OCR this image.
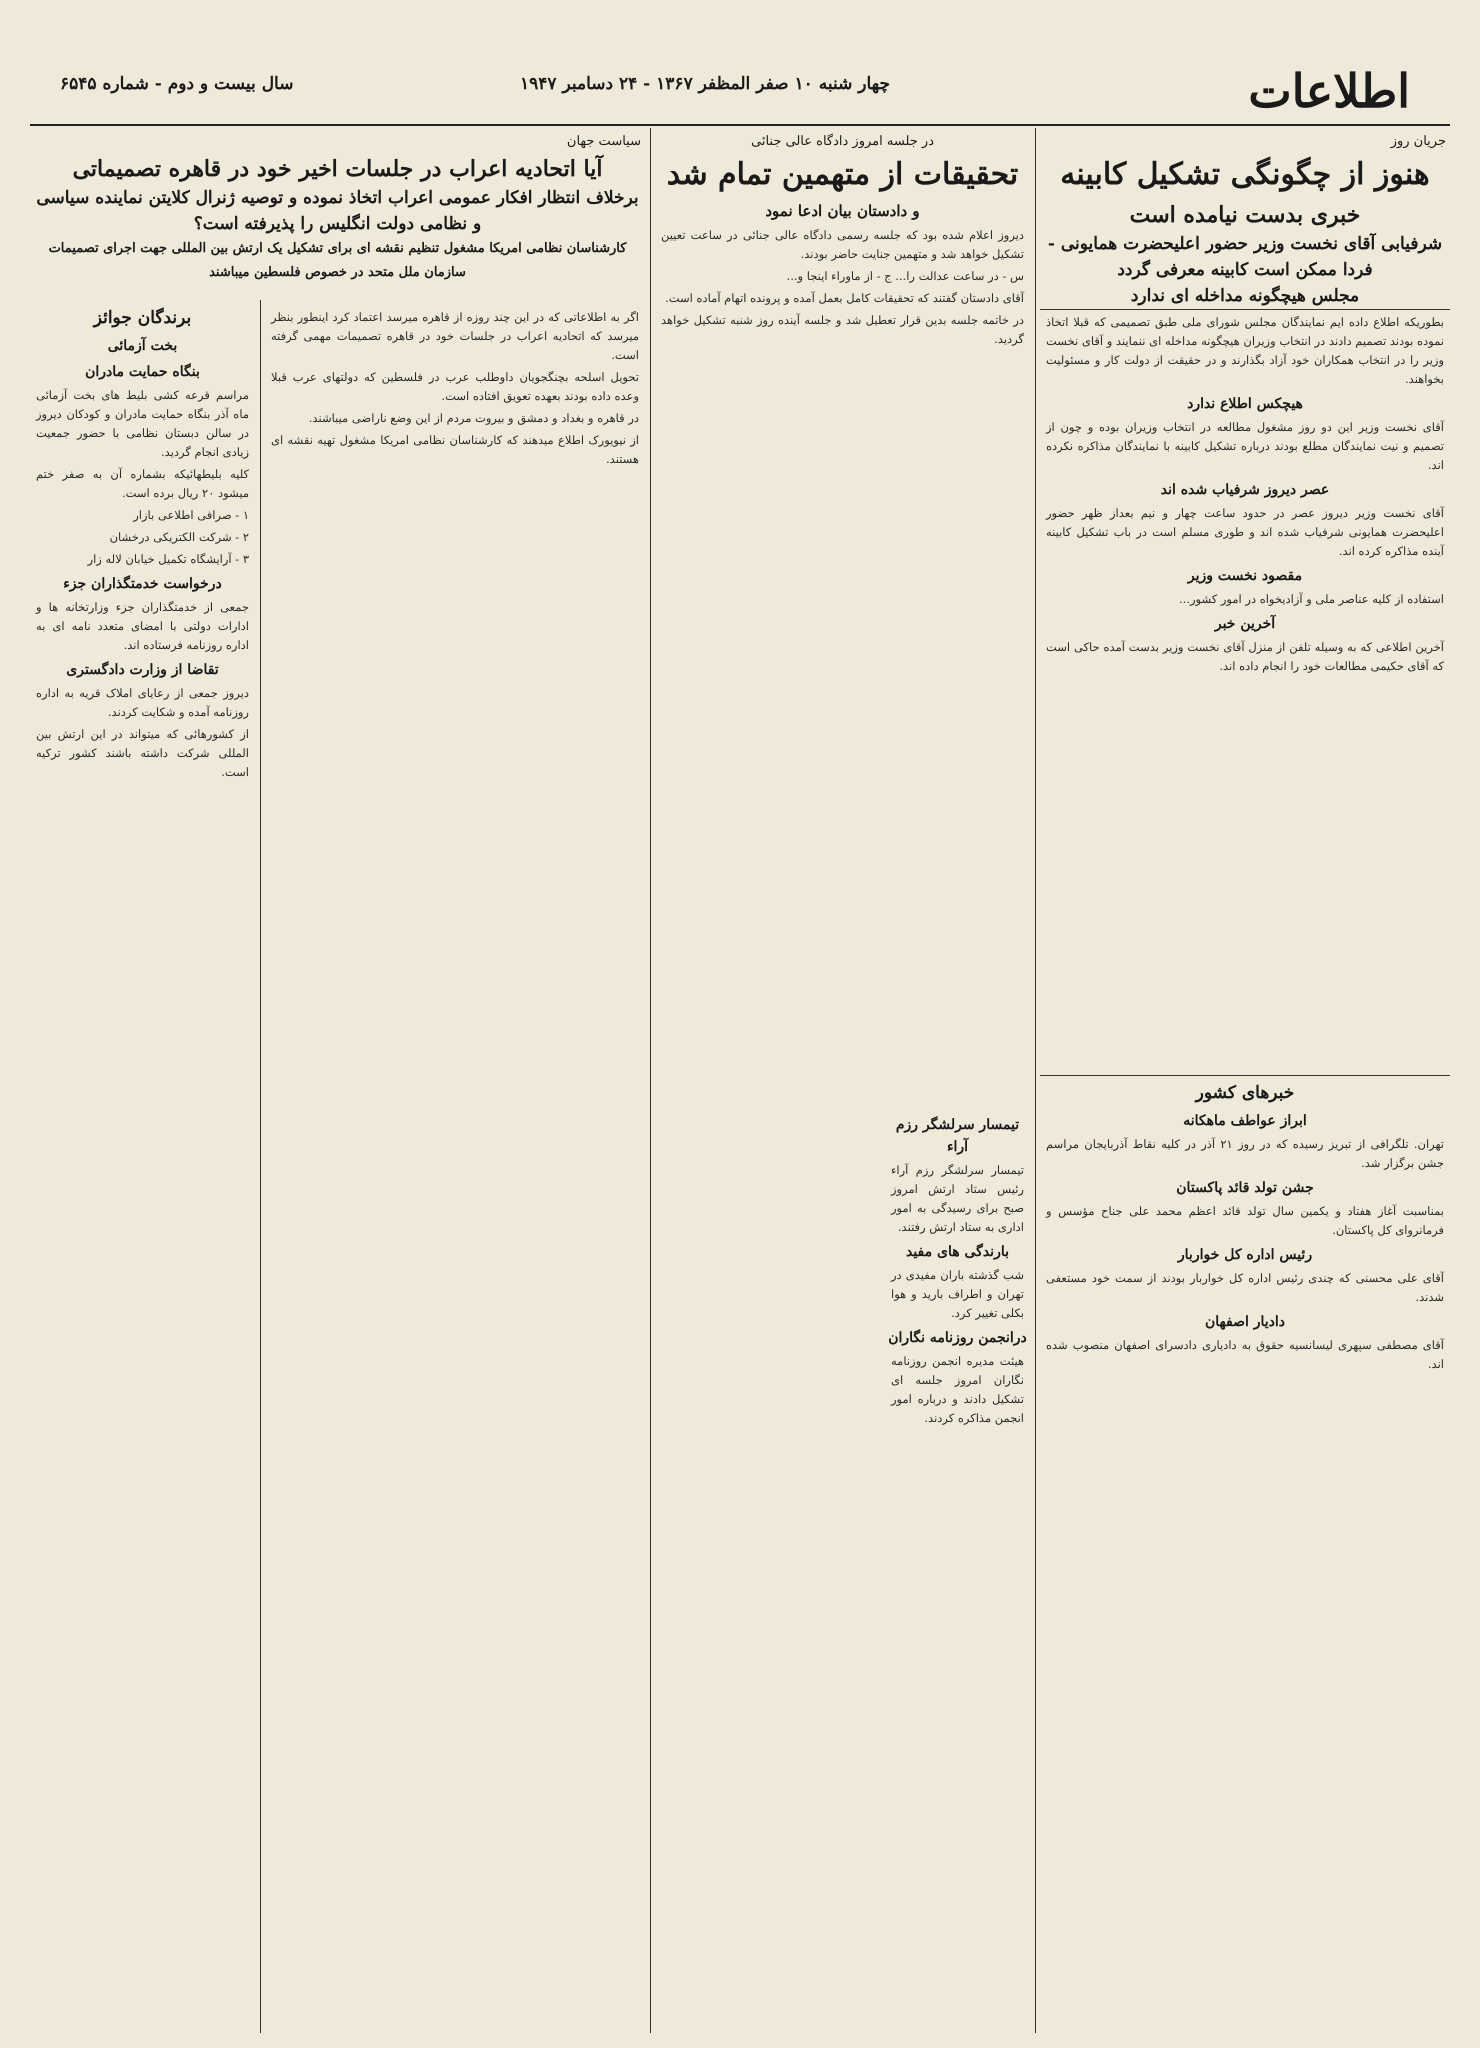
اطلاعات
چهار شنبه ۱۰ صفر المظفر ۱۳۶۷ - ۲۴ دسامبر ۱۹۴۷
سال بیست و دوم - شماره ۶۵۴۵
جریان روز
هنوز از چگونگی تشکیل کابینه
خبری بدست نیامده است
شرفیابی آقای نخست وزیر حضور اعلیحضرت همایونی - فردا ممکن است کابینه معرفی گردد
مجلس هیچگونه مداخله ای ندارد

بطوریکه اطلاع داده ایم نمایندگان مجلس شورای ملی طبق تصمیمی که قبلا اتخاذ نموده بودند تصمیم دادند در انتخاب وزیران هیچگونه مداخله ای ننمایند و آقای نخست وزیر را در انتخاب همکاران خود آزاد بگذارند و در حقیقت از دولت کار و مسئولیت بخواهند.

هیچکس اطلاع ندارد

آقای نخست وزیر این دو روز مشغول مطالعه در انتخاب وزیران بوده و چون از تصمیم و نیت نمایندگان مطلع بودند درباره تشکیل کابینه با نمایندگان مذاکره نکرده اند.

عصر دیروز شرفیاب شده اند

آقای نخست وزیر دیروز عصر در حدود ساعت چهار و نیم بعداز ظهر حضور اعلیحضرت همایونی شرفیاب شده اند و طوری مسلم است در باب تشکیل کابینه آینده مذاکره کرده اند.

مقصود نخست وزیر

استفاده از کلیه عناصر ملی و آزادیخواه در امور کشور...

آخرین خبر

آخرین اطلاعی که به وسیله تلفن از منزل آقای نخست وزیر بدست آمده حاکی است که آقای حکیمی مطالعات خود را انجام داده اند.

خبرهای کشور
ابراز عواطف ماهکانه

تهران. تلگرافی از تبریز رسیده که در روز ۲۱ آذر در کلیه نقاط آذربایجان مراسم جشن برگزار شد.

جشن تولد قائد پاکستان

بمناسبت آغاز هفتاد و یکمین سال تولد قائد اعظم محمد علی جناح مؤسس و فرمانروای کل پاکستان.

رئیس اداره کل خواربار

آقای علی محسنی که چندی رئیس اداره کل خواربار بودند از سمت خود مستعفی شدند.

دادیار اصفهان

آقای مصطفی سپهری لیسانسیه حقوق به دادیاری دادسرای اصفهان منصوب شده اند.

تیمسار سرلشگر رزم آراء

تیمسار سرلشگر رزم آراء رئیس ستاد ارتش امروز صبح برای رسیدگی به امور اداری به ستاد ارتش رفتند.

بارندگی های مفید

شب گذشته باران مفیدی در تهران و اطراف بارید و هوا بکلی تغییر کرد.

درانجمن روزنامه نگاران

هیئت مدیره انجمن روزنامه نگاران امروز جلسه ای تشکیل دادند و درباره امور انجمن مذاکره کردند.

در جلسه امروز دادگاه عالی جنائی
تحقیقات از متهمین تمام شد
و دادستان بیان ادعا نمود

دیروز اعلام شده بود که جلسه رسمی دادگاه عالی جنائی در ساعت تعیین تشکیل خواهد شد و متهمین جنایت حاضر بودند.

س - در ساعت عدالت را... ج - از ماوراء اینجا و...

آقای دادستان گفتند که تحقیقات کامل بعمل آمده و پرونده اتهام آماده است.

در خاتمه جلسه بدین قرار تعطیل شد و جلسه آینده روز شنبه تشکیل خواهد گردید.

سیاست جهان
آیا اتحادیه اعراب در جلسات اخیر خود در قاهره تصمیماتی
برخلاف انتظار افکار عمومی اعراب اتخاذ نموده و توصیه ژنرال کلایتن نماینده سیاسی و نظامی دولت انگلیس را پذیرفته است؟
کارشناسان نظامی امریکا مشغول تنظیم نقشه ای برای تشکیل یک ارتش بین المللی جهت اجرای تصمیمات سازمان ملل متحد در خصوص فلسطین میباشند

اگر به اطلاعاتی که در این چند روزه از قاهره میرسد اعتماد کرد اینطور بنظر میرسد که اتحادیه اعراب در جلسات خود در قاهره تصمیمات مهمی گرفته است.

تحویل اسلحه بچنگجویان داوطلب عرب در فلسطین که دولتهای عرب قبلا وعده داده بودند بعهده تعویق افتاده است.

در قاهره و بغداد و دمشق و بیروت مردم از این وضع ناراضی میباشند.

از نیویورک اطلاع میدهند که کارشناسان نظامی امریکا مشغول تهیه نقشه ای هستند.

برندگان جوائز
بخت آزمائی
بنگاه حمایت مادران

مراسم قرعه کشی بلیط های بخت آزمائی ماه آذر بنگاه حمایت مادران و کودکان دیروز در سالن دبستان نظامی با حضور جمعیت زیادی انجام گردید.

کلیه بلیطهائیکه بشماره آن به صفر ختم میشود ۲۰ ریال برده است.

۱ - صرافی اطلاعی بازار

۲ - شرکت الکتریکی درخشان

۳ - آرایشگاه تکمیل خیابان لاله زار

درخواست خدمتگذاران جزء

جمعی از خدمتگذاران جزء وزارتخانه ها و ادارات دولتی با امضای متعدد نامه ای به اداره روزنامه فرستاده اند.

تقاضا از وزارت دادگستری

دیروز جمعی از رعایای املاک قریه به اداره روزنامه آمده و شکایت کردند.

از کشورهائی که میتواند در این ارتش بین المللی شرکت داشته باشند کشور ترکیه است.
